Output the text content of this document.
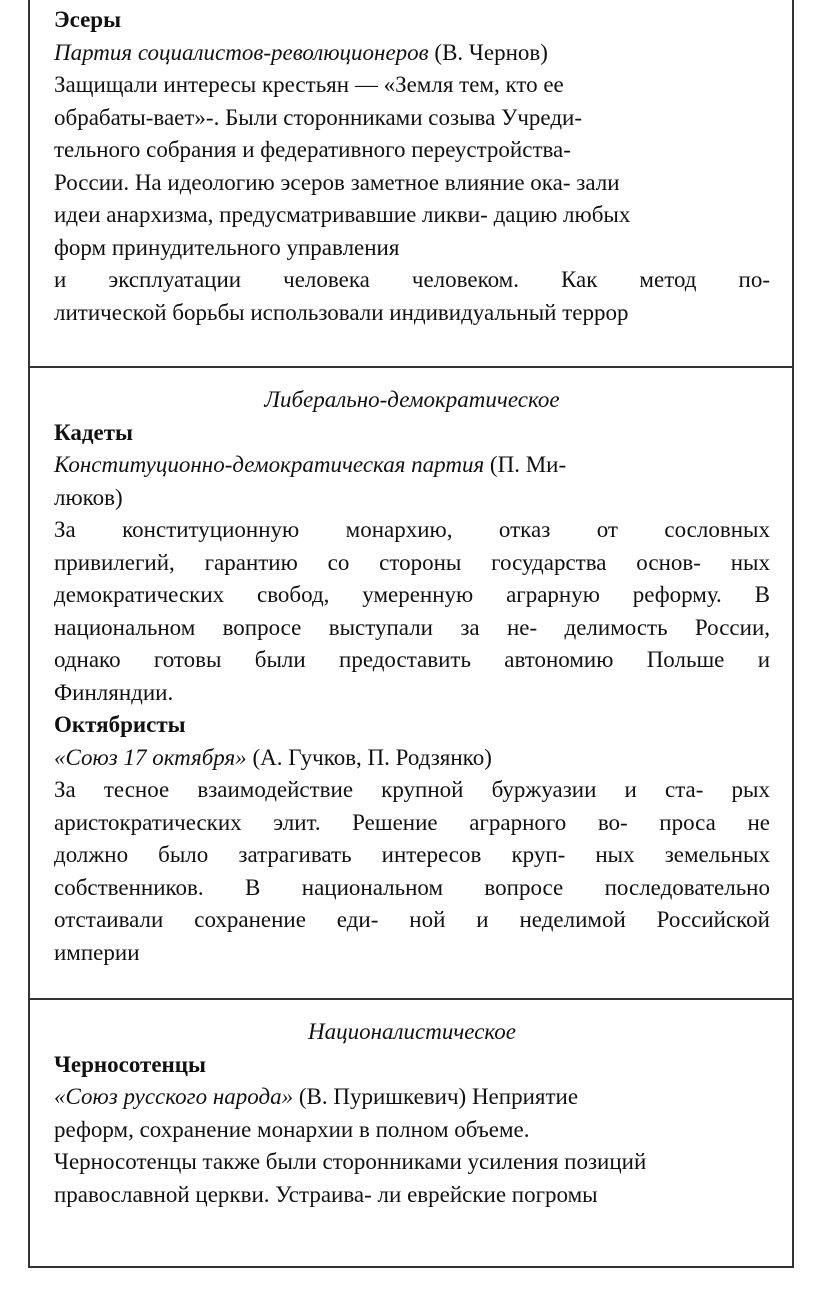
Эсеры

Партия социалистов-революционеров (В. Чернов)

Защищали интересы крестьян — «Земля тем, кто ее

обрабаты-вает»-. Были сторонниками созыва Учреди-

тельного собрания и федеративного переустройства-

России. На идеологию эсеров заметное влияние ока- зали

идеи анархизма, предусматривавшие ликви- дацию любых

форм принудительного управления

и эксплуатации человека человеком. Как метод по-

литической борьбы использовали индивидуальный террор

Либерально-демократическое

Кадеты

Конституционно-демократическая партия (П. Ми-

люков)

За конституционную монархию, отказ от сословных

привилегий, гарантию со стороны государства основ- ных

демократических свобод, умеренную аграрную реформу. В

национальном вопросе выступали за не- делимость России,

однако готовы были предоставить автономию Польше и

Финляндии.

Октябристы

«Союз 17 октября» (А. Гучков, П. Родзянко)

За тесное взаимодействие крупной буржуазии и ста- рых

аристократических элит. Решение аграрного во- проса не

должно было затрагивать интересов круп- ных земельных

собственников. В национальном вопросе последовательно

отстаивали сохранение еди- ной и неделимой Российской

империи

Националистическое

Черносотенцы

«Союз русского народа» (В. Пуришкевич) Неприятие

реформ, сохранение монархии в полном объеме.

Черносотенцы также были сторонниками усиления позиций

православной церкви. Устраива- ли еврейские погромы
